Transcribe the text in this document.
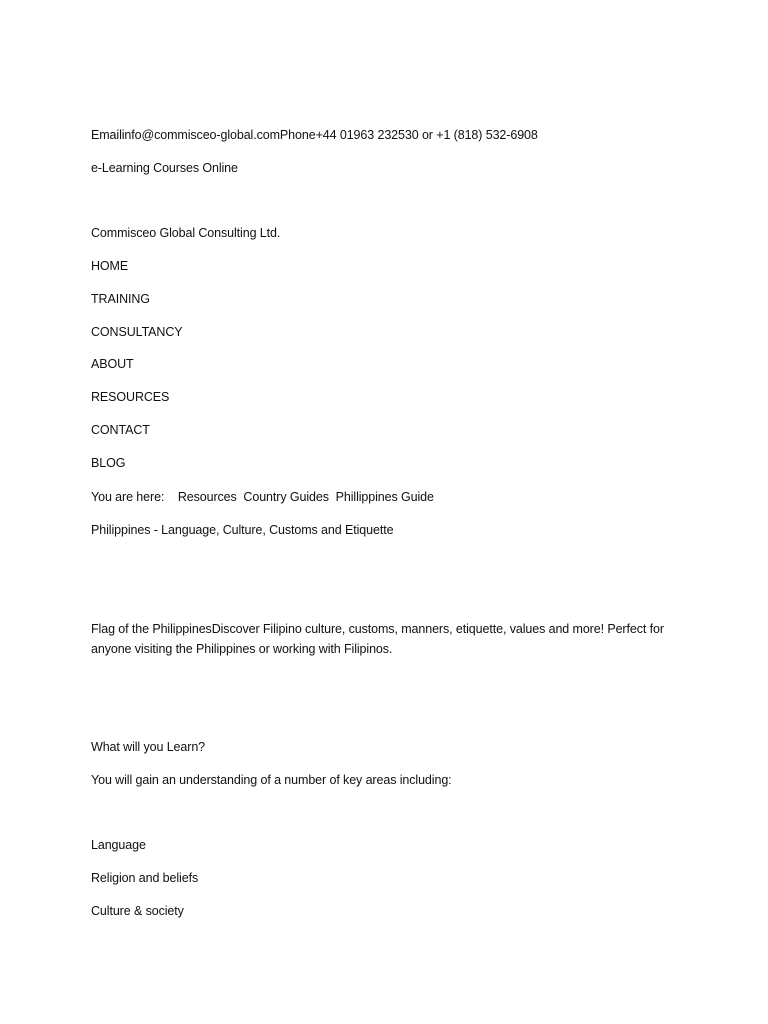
Emailinfo@commisceo-global.comPhone+44 01963 232530 or +1 (818) 532-6908
e-Learning Courses Online
Commisceo Global Consulting Ltd.
HOME
TRAINING
CONSULTANCY
ABOUT
RESOURCES
CONTACT
BLOG
You are here: Resources Country Guides Phillippines Guide
Philippines - Language, Culture, Customs and Etiquette
Flag of the PhilippinesDiscover Filipino culture, customs, manners, etiquette, values and more! Perfect for anyone visiting the Philippines or working with Filipinos.
What will you Learn?
You will gain an understanding of a number of key areas including:
Language
Religion and beliefs
Culture & society
